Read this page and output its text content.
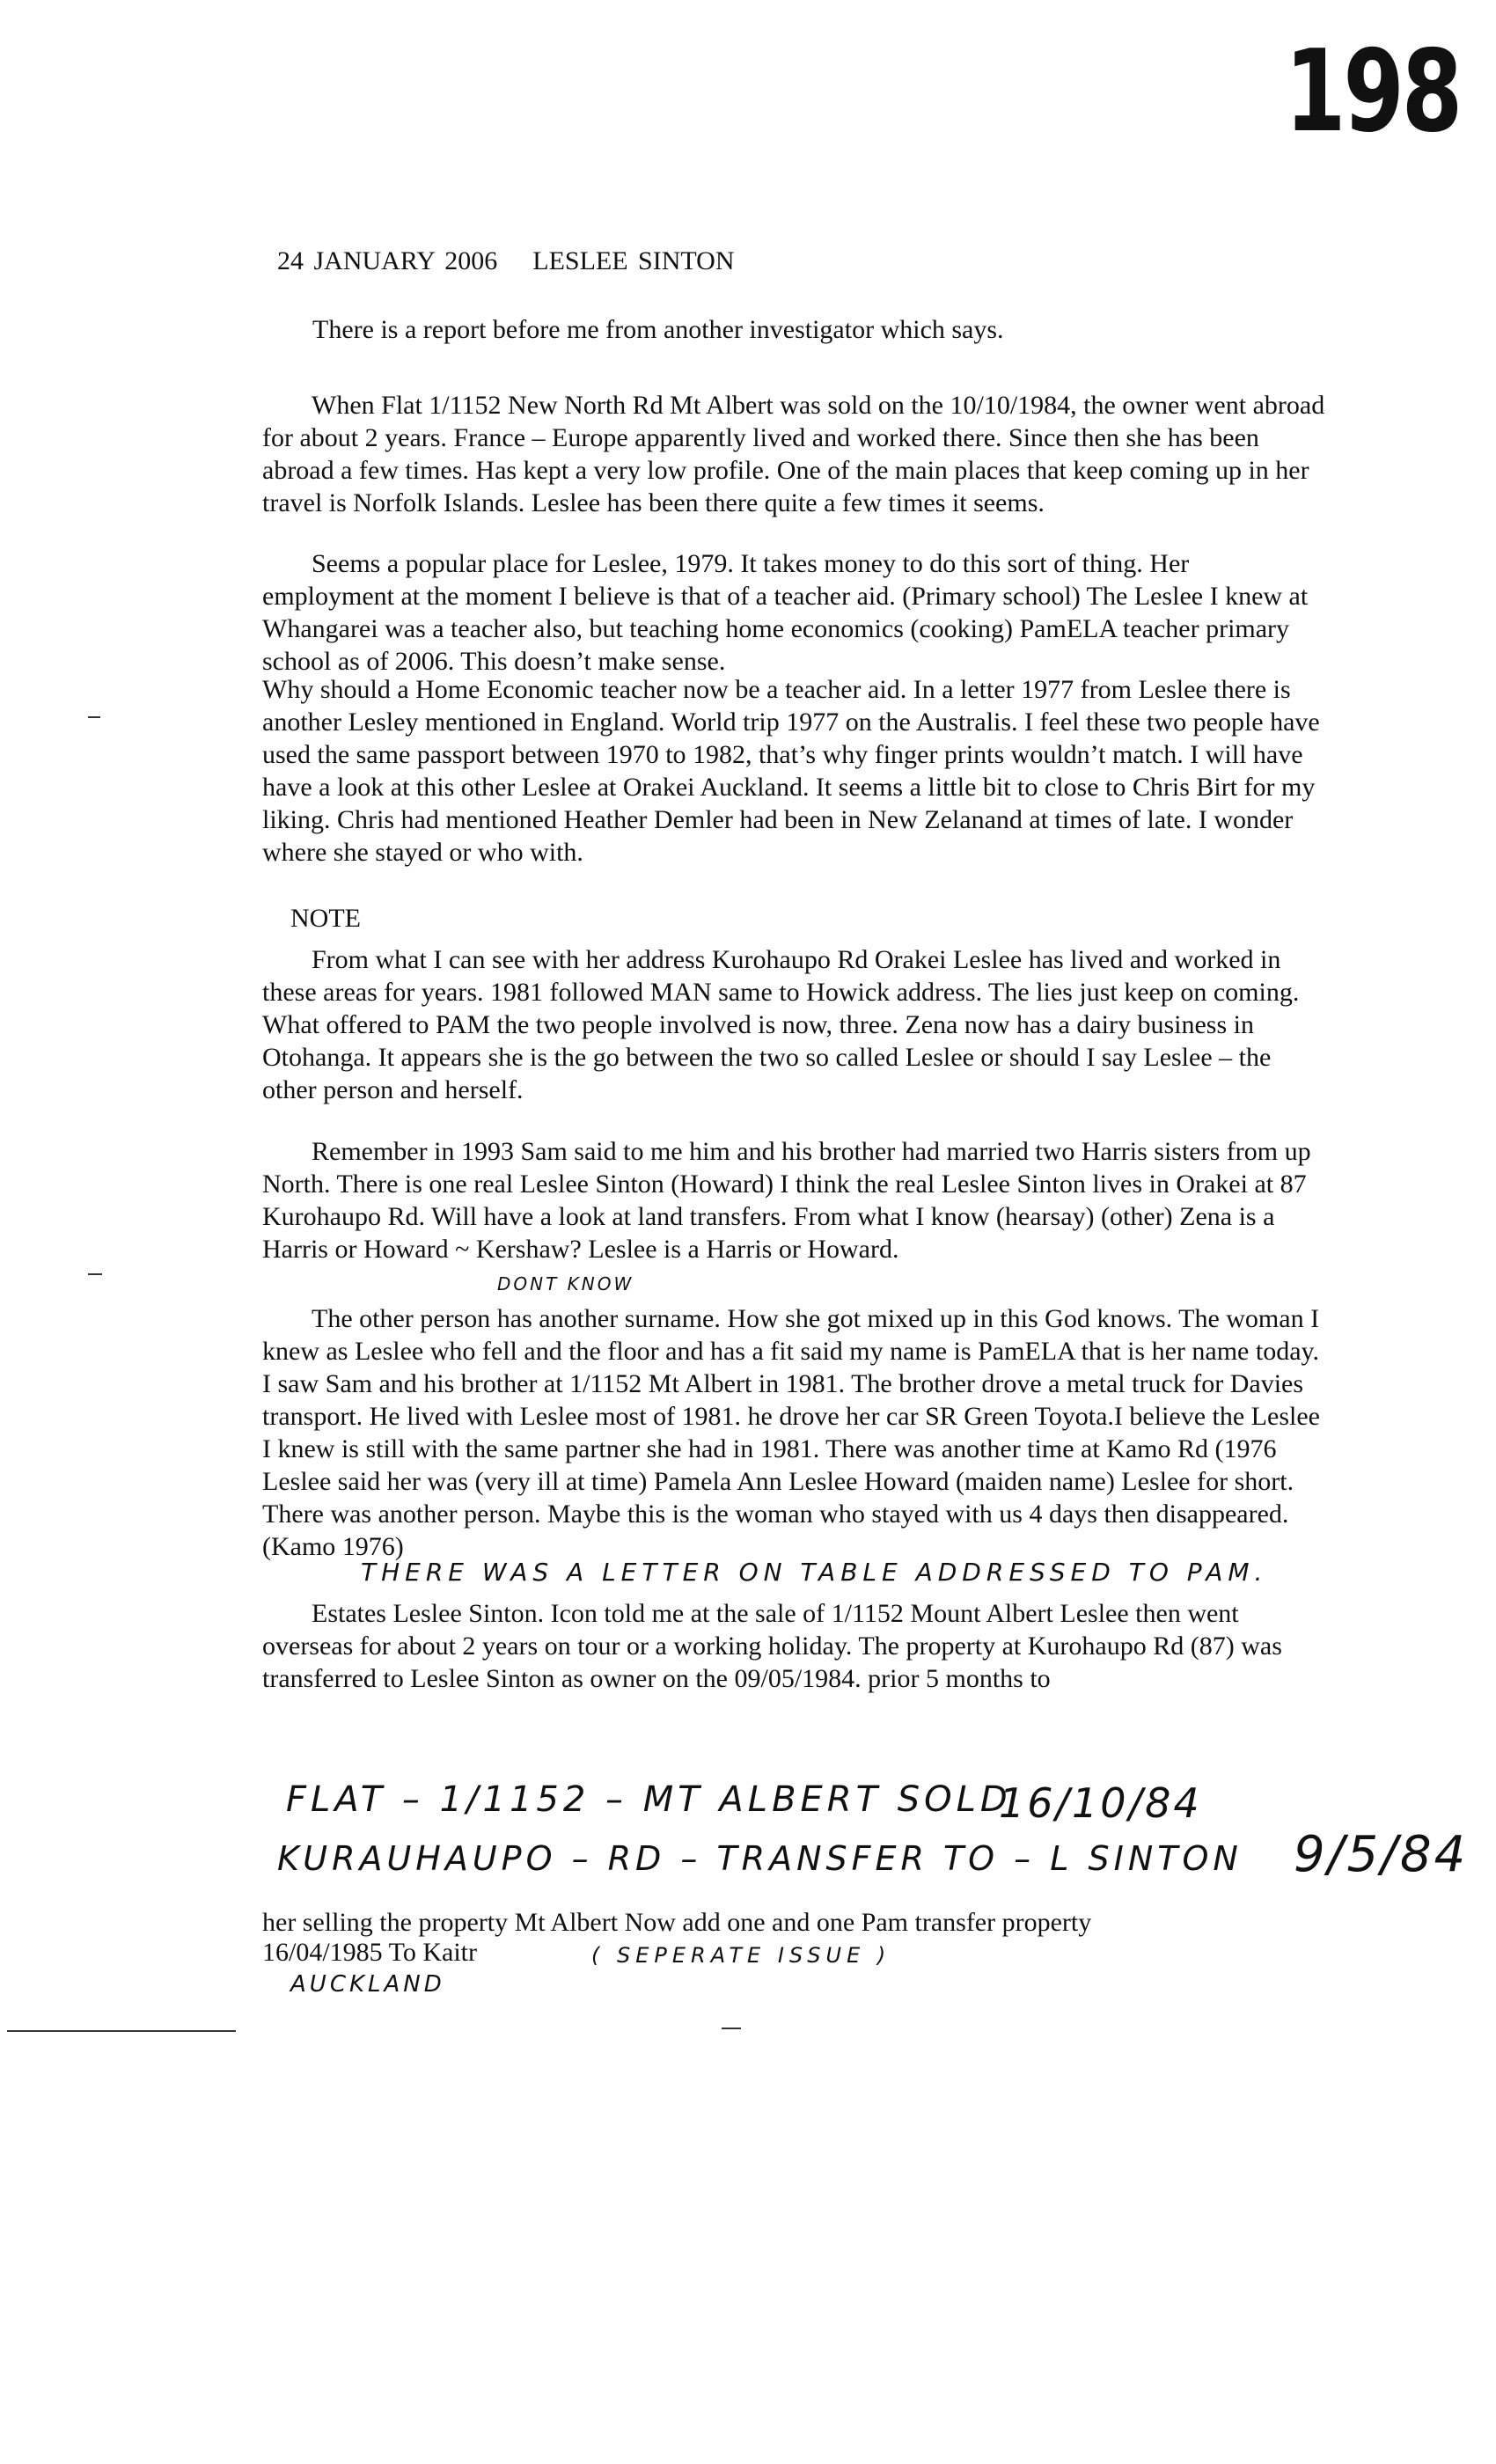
198
24 JANUARY 2006 LESLEE SINTON
There is a report before me from another investigator which says.
When Flat 1/1152 New North Rd Mt Albert was sold on the 10/10/1984, the owner went abroad for about 2 years. France – Europe apparently lived and worked there. Since then she has been abroad a few times. Has kept a very low profile. One of the main places that keep coming up in her travel is Norfolk Islands. Leslee has been there quite a few times it seems.
Seems a popular place for Leslee, 1979. It takes money to do this sort of thing. Her employment at the moment I believe is that of a teacher aid. (Primary school) The Leslee I knew at Whangarei was a teacher also, but teaching home economics (cooking) PamELA teacher primary school as of 2006. This doesn’t make sense.
Why should a Home Economic teacher now be a teacher aid. In a letter 1977 from Leslee there is another Lesley mentioned in England. World trip 1977 on the Australis. I feel these two people have used the same passport between 1970 to 1982, that’s why finger prints wouldn’t match. I will have have a look at this other Leslee at Orakei Auckland. It seems a little bit to close to Chris Birt for my liking. Chris had mentioned Heather Demler had been in New Zelanand at times of late. I wonder where she stayed or who with.
NOTE
From what I can see with her address Kurohaupo Rd Orakei Leslee has lived and worked in these areas for years. 1981 followed MAN same to Howick address. The lies just keep on coming. What offered to PAM the two people involved is now, three. Zena now has a dairy business in Otohanga. It appears she is the go between the two so called Leslee or should I say Leslee – the other person and herself.
Remember in 1993 Sam said to me him and his brother had married two Harris sisters from up North. There is one real Leslee Sinton (Howard) I think the real Leslee Sinton lives in Orakei at 87 Kurohaupo Rd. Will have a look at land transfers. From what I know (hearsay) (other) Zena is a Harris or Howard ~ Kershaw? Leslee is a Harris or Howard.
DONT KNOW
The other person has another surname. How she got mixed up in this God knows. The woman I knew as Leslee who fell and the floor and has a fit said my name is PamELA that is her name today. I saw Sam and his brother at 1/1152 Mt Albert in 1981. The brother drove a metal truck for Davies transport. He lived with Leslee most of 1981. he drove her car SR Green Toyota.I believe the Leslee I knew is still with the same partner she had in 1981. There was another time at Kamo Rd (1976 Leslee said her was (very ill at time) Pamela Ann Leslee Howard (maiden name) Leslee for short. There was another person. Maybe this is the woman who stayed with us 4 days then disappeared. (Kamo 1976)
THERE WAS A LETTER ON TABLE ADDRESSED TO PAM.
Estates Leslee Sinton. Icon told me at the sale of 1/1152 Mount Albert Leslee then went overseas for about 2 years on tour or a working holiday. The property at Kurohaupo Rd (87) was transferred to Leslee Sinton as owner on the 09/05/1984. prior 5 months to
FLAT – 1/1152 – MT ALBERT SOLD
16/10/84
KURAUHAUPO – RD – TRANSFER TO – L SINTON 9/5/84
her selling the property Mt Albert Now add one and one Pam transfer property
16/04/1985 To Kaitr	( SEPERATE ISSUE )
AUCKLAND
